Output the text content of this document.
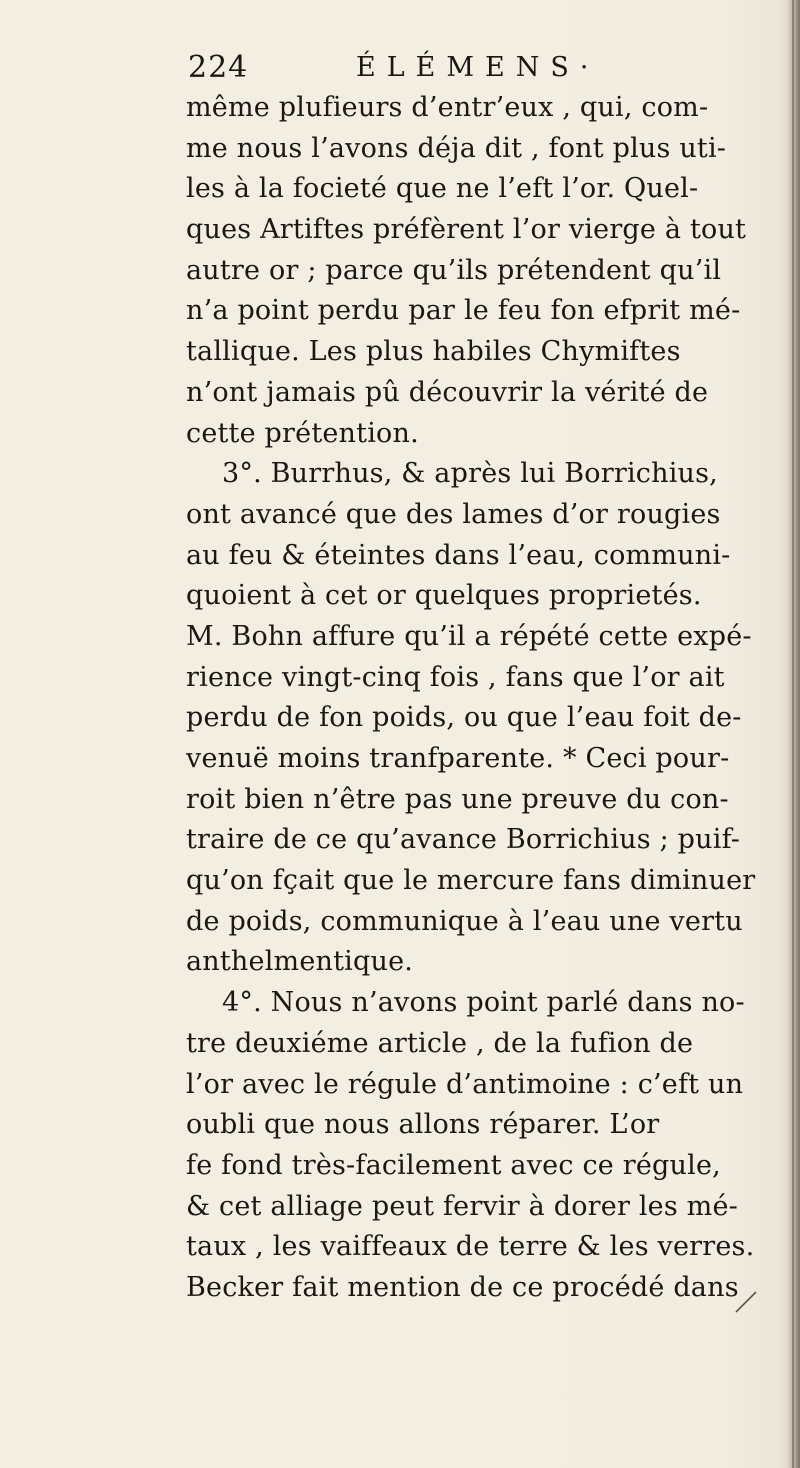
224	ÉLÉMENS·
même plufieurs d’entr’eux , qui, com-
me nous l’avons déja dit , font plus uti-
les à la focieté que ne l’eft l’or. Quel-
ques Artiftes préfèrent l’or vierge à tout
autre or ; parce qu’ils prétendent qu’il
n’a point perdu par le feu fon efprit mé-
tallique. Les plus habiles Chymiftes
n’ont jamais pû découvrir la vérité de
cette prétention.
3°. Burrhus, & après lui Borrichius,
ont avancé que des lames d’or rougies
au feu & éteintes dans l’eau, communi-
quoient à cet or quelques proprietés.
M. Bohn affure qu’il a répété cette expé-
rience vingt-cinq fois , fans que l’or ait
perdu de fon poids, ou que l’eau foit de-
venuë moins tranfparente. * Ceci pour-
roit bien n’être pas une preuve du con-
traire de ce qu’avance Borrichius ; puif-
qu’on fçait que le mercure fans diminuer
de poids, communique à l’eau une vertu
anthelmentique.
4°. Nous n’avons point parlé dans no-
tre deuxiéme article , de la fufion de
l’or avec le régule d’antimoine : c’eft un
oubli que nous allons réparer. L’or
fe fond très-facilement avec ce régule,
& cet alliage peut fervir à dorer les mé-
taux , les vaiffeaux de terre & les verres.
Becker fait mention de ce procédé dans
